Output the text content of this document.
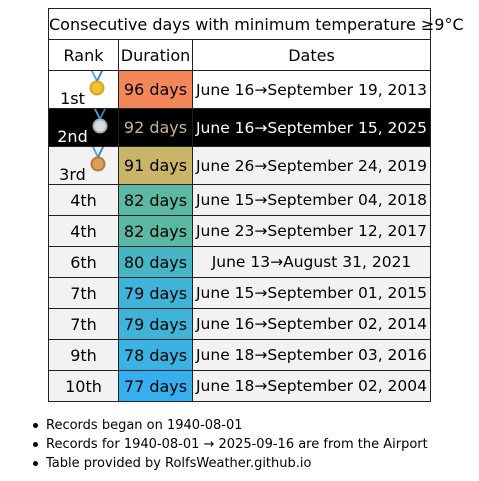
Consecutive days with minimum temperature ≥9°C		
Rank	Duration	Dates

1st	96 days	June 16→September 19, 2013

2nd	92 days	June 16→September 15, 2025

3rd	91 days	June 26→September 24, 2019

4th	82 days	June 15→September 04, 2018

4th	82 days	June 23→September 12, 2017

6th	80 days	June 13→August 31, 2021

7th	79 days	June 15→September 01, 2015

7th	79 days	June 16→September 02, 2014

9th	78 days	June 18→September 03, 2016

10th	77 days	June 18→September 02, 2004
Records began on 1940-08-01
Records for 1940-08-01 → 2025-09-16 are from the Airport
Table provided by RolfsWeather.github.io
